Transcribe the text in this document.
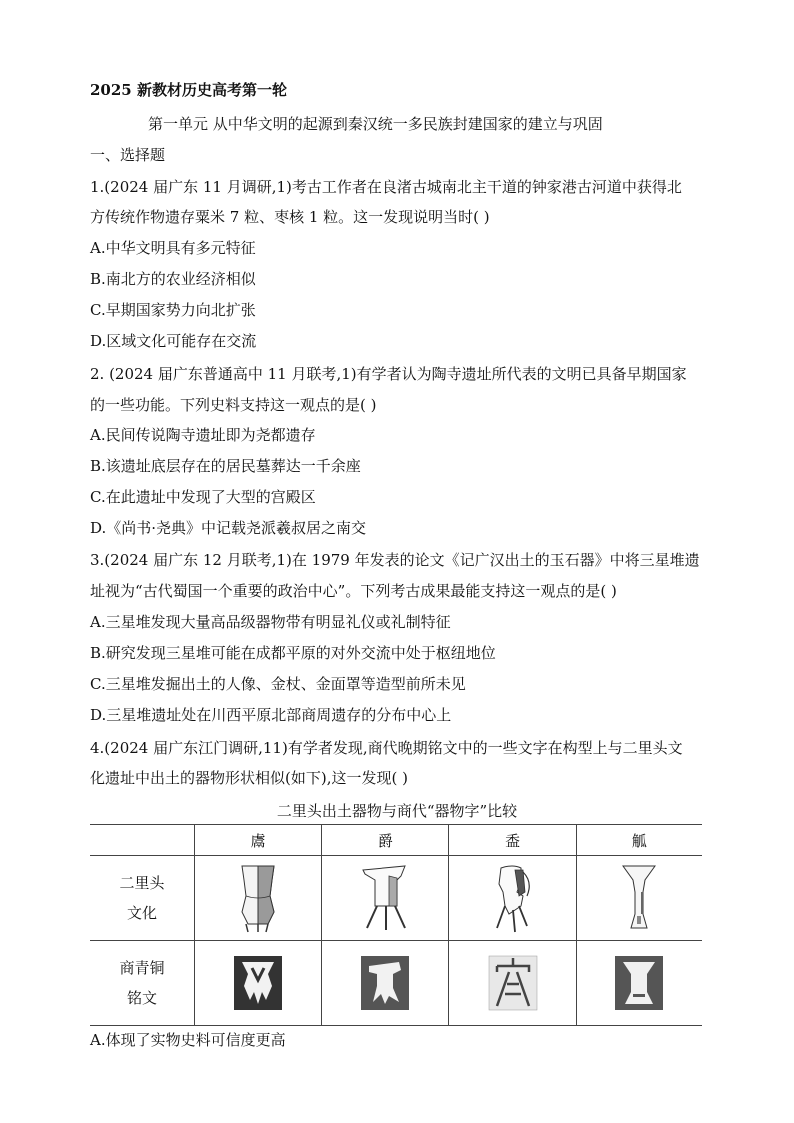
2025 新教材历史高考第一轮
第一单元 从中华文明的起源到秦汉统一多民族封建国家的建立与巩固
一、选择题
1.(2024 届广东 11 月调研,1)考古工作者在良渚古城南北主干道的钟家港古河道中获得北
方传统作物遗存粟米 7 粒、枣核 1 粒。这一发现说明当时( )
A.中华文明具有多元特征
B.南北方的农业经济相似
C.早期国家势力向北扩张
D.区域文化可能存在交流
2. (2024 届广东普通高中 11 月联考,1)有学者认为陶寺遗址所代表的文明已具备早期国家
的一些功能。下列史料支持这一观点的是( )
A.民间传说陶寺遗址即为尧都遗存
B.该遗址底层存在的居民墓葬达一千余座
C.在此遗址中发现了大型的宫殿区
D.《尚书·尧典》中记载尧派羲叔居之南交
3.(2024 届广东 12 月联考,1)在 1979 年发表的论文《记广汉出土的玉石器》中将三星堆遗
址视为“古代蜀国一个重要的政治中心”。下列考古成果最能支持这一观点的是( )
A.三星堆发现大量高品级器物带有明显礼仪或礼制特征
B.研究发现三星堆可能在成都平原的对外交流中处于枢纽地位
C.三星堆发掘出土的人像、金杖、金面罩等造型前所未见
D.三星堆遗址处在川西平原北部商周遗存的分布中心上
4.(2024 届广东江门调研,11)有学者发现,商代晚期铭文中的一些文字在构型上与二里头文
化遗址中出土的器物形状相似(如下),这一发现( )
二里头出土器物与商代“器物字”比较
	鬳	爵	盉	觚

二里头
文化

商青铜
铭文

A.体现了实物史料可信度更高
